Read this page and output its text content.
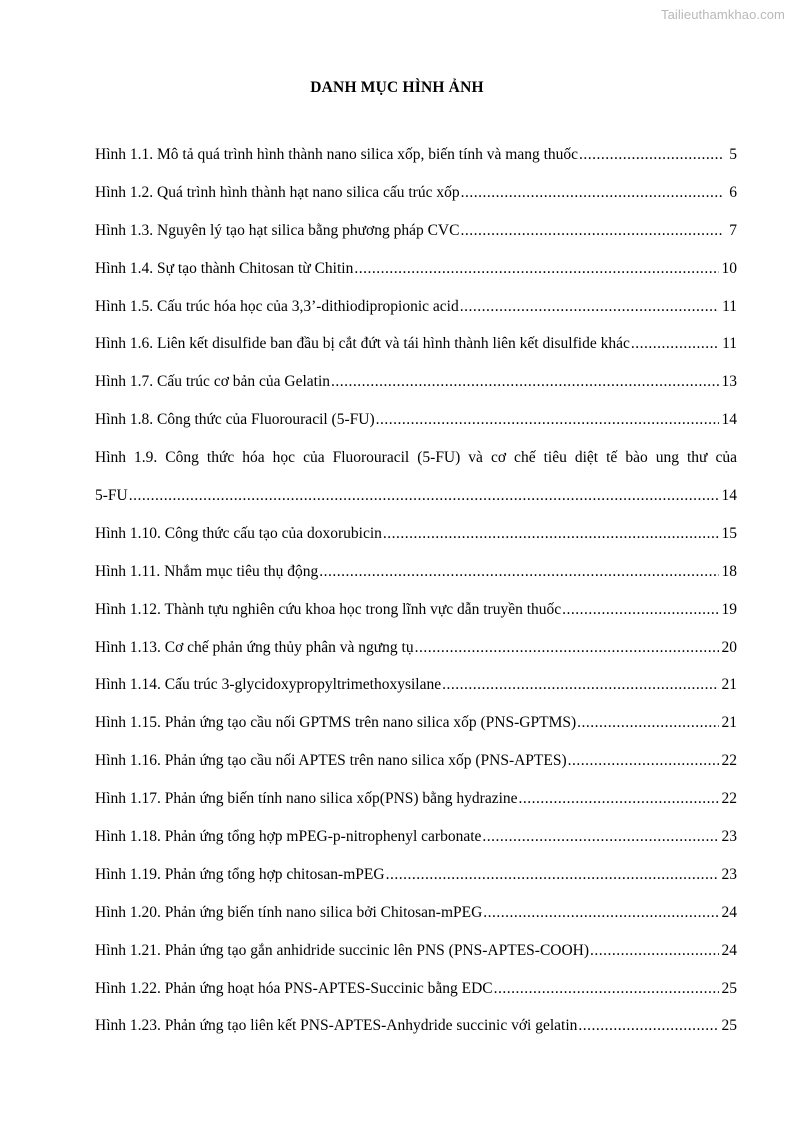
Tailieuthamkhao.com
DANH MỤC HÌNH ẢNH
Hình 1.1. Mô tả quá trình hình thành nano silica xốp, biến tính và mang thuốc .....	5
Hình 1.2. Quá trình hình thành hạt nano silica cấu trúc xốp .....	6
Hình 1.3. Nguyên lý tạo hạt silica bằng phương pháp CVC .....	7
Hình 1.4. Sự tạo thành Chitosan từ Chitin .....	10
Hình 1.5. Cấu trúc hóa học của 3,3’-dithiodipropionic acid .....	11
Hình 1.6. Liên kết disulfide ban đầu bị cắt đứt và tái hình thành liên kết disulfide khác .....	11
Hình 1.7. Cấu trúc cơ bản của Gelatin .....	13
Hình 1.8. Công thức của Fluorouracil (5-FU) .....	14
Hình 1.9. Công thức hóa học của Fluorouracil (5-FU) và cơ chế tiêu diệt tế bào ung thư của
5-FU .....	14
Hình 1.10. Công thức cấu tạo của doxorubicin .....	15
Hình 1.11. Nhắm mục tiêu thụ động .....	18
Hình 1.12. Thành tựu nghiên cứu khoa học trong lĩnh vực dẫn truyền thuốc .....	19
Hình 1.13. Cơ chế phản ứng thủy phân và ngưng tụ .....	20
Hình 1.14. Cấu trúc 3-glycidoxypropyltrimethoxysilane .....	21
Hình 1.15. Phản ứng tạo cầu nối GPTMS trên nano silica xốp (PNS-GPTMS) .....	21
Hình 1.16. Phản ứng tạo cầu nối APTES trên nano silica xốp (PNS-APTES) .....	22
Hình 1.17. Phản ứng biến tính nano silica xốp(PNS) bằng hydrazine .....	22
Hình 1.18. Phản ứng tổng hợp mPEG-p-nitrophenyl carbonate .....	23
Hình 1.19. Phản ứng tổng hợp chitosan-mPEG .....	23
Hình 1.20. Phản ứng biến tính nano silica bởi Chitosan-mPEG .....	24
Hình 1.21. Phản ứng tạo gắn anhidride succinic lên PNS (PNS-APTES-COOH) .....	24
Hình 1.22. Phản ứng hoạt hóa PNS-APTES-Succinic bằng EDC .....	25
Hình 1.23. Phản ứng tạo liên kết PNS-APTES-Anhydride succinic với gelatin .....	25
